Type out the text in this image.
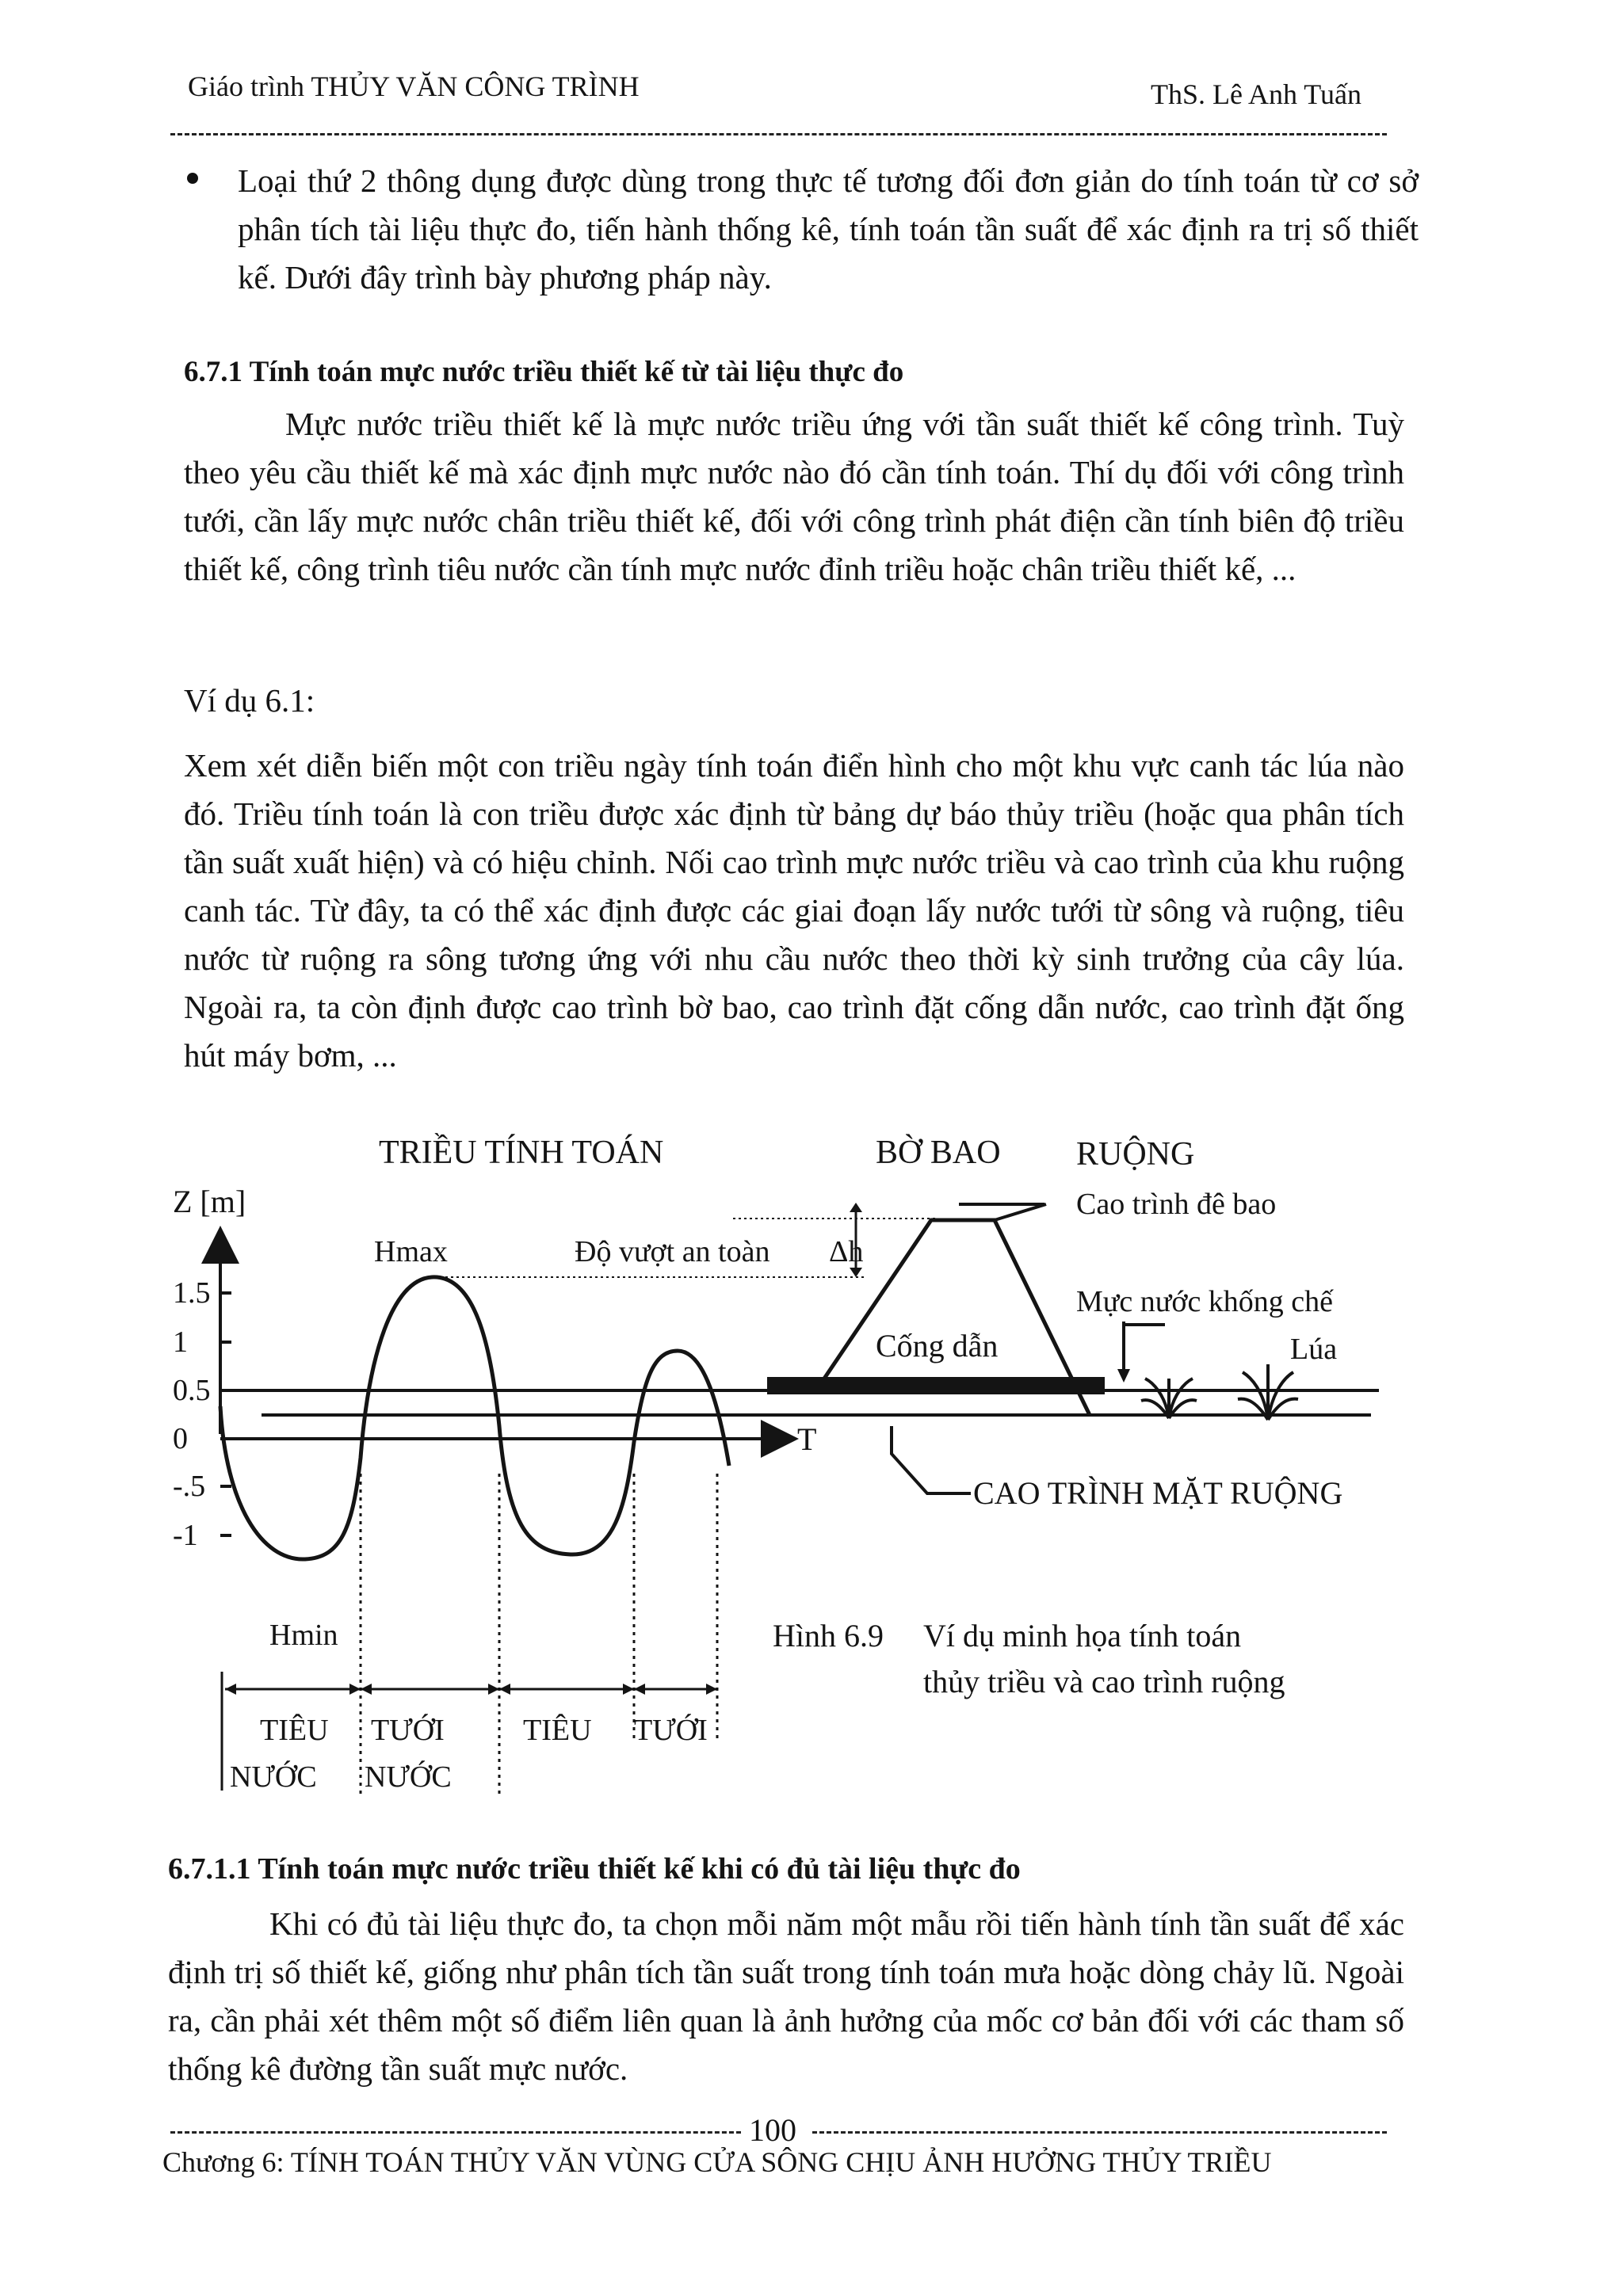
Giáo trình THỦY VĂN CÔNG TRÌNH	ThS. Lê Anh Tuấn
Loại thứ 2 thông dụng được dùng trong thực tế tương đối đơn giản do tính toán từ cơ sở phân tích tài liệu thực đo, tiến hành thống kê, tính toán tần suất để xác định ra trị số thiết kế. Dưới đây trình bày phương pháp này.
6.7.1 Tính toán mực nước triều thiết kế từ tài liệu thực đo
Mực nước triều thiết kế là mực nước triều ứng với tần suất thiết kế công trình. Tuỳ theo yêu cầu thiết kế mà xác định mực nước nào đó cần tính toán. Thí dụ đối với công trình tưới, cần lấy mực nước chân triều thiết kế, đối với công trình phát điện cần tính biên độ triều thiết kế, công trình tiêu nước cần tính mực nước đỉnh triều hoặc chân triều thiết kế, ...
Ví dụ 6.1:
Xem xét diễn biến một con triều ngày tính toán điển hình cho một khu vực canh tác lúa nào đó. Triều tính toán là con triều được xác định từ bảng dự báo thủy triều (hoặc qua phân tích tần suất xuất hiện) và có hiệu chỉnh. Nối cao trình mực nước triều và cao trình của khu ruộng canh tác. Từ đây, ta có thể xác định được các giai đoạn lấy nước tưới từ sông và ruộng, tiêu nước từ ruộng ra sông tương ứng với nhu cầu nước theo thời kỳ sinh trưởng của cây lúa. Ngoài ra, ta còn định được cao trình bờ bao, cao trình đặt cống dẫn nước, cao trình đặt ống hút máy bơm, ...
TRIỀU TÍNH TOÁN	BỜ BAO RUỘNG
Z [m]
1.5
1
0.5
0
-.5
-1
T
Hmax
Hmin
Độ vượt an toàn Δh
Cao trình đê bao
Cống dẫn
Mực nước khống chế
Lúa
CAO TRÌNH MẶT RUỘNG
TIÊU
NƯỚC
TƯỚI
NƯỚC
TIÊU TƯỚI
Hình 6.9 Ví dụ minh họa tính toán
thủy triều và cao trình ruộng
6.7.1.1 Tính toán mực nước triều thiết kế khi có đủ tài liệu thực đo
Khi có đủ tài liệu thực đo, ta chọn mỗi năm một mẫu rồi tiến hành tính tần suất để xác định trị số thiết kế, giống như phân tích tần suất trong tính toán mưa hoặc dòng chảy lũ. Ngoài ra, cần phải xét thêm một số điểm liên quan là ảnh hưởng của mốc cơ bản đối với các tham số thống kê đường tần suất mực nước.
100
Chương 6: TÍNH TOÁN THỦY VĂN VÙNG CỬA SÔNG CHỊU ẢNH HƯỞNG THỦY TRIỀU
